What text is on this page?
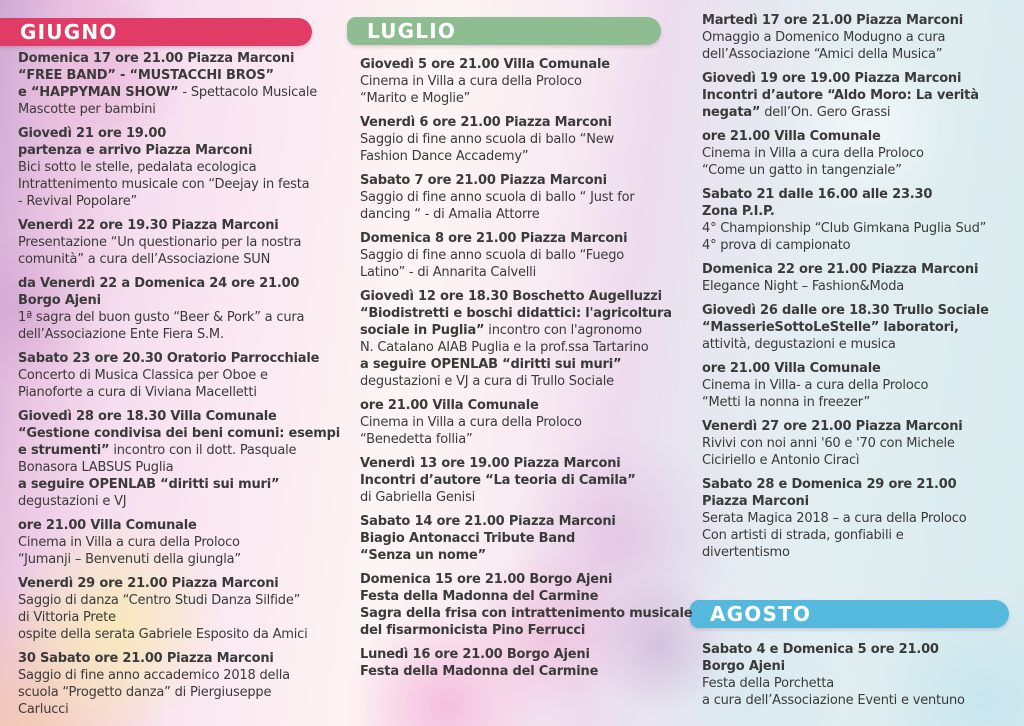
GIUGNO	LUGLIO
AGOSTO
Domenica 17 ore 21.00 Piazza Marconi
“FREE BAND” - “MUSTACCHI BROS”
e “HAPPYMAN SHOW” - Spettacolo Musicale
Mascotte per bambini
Giovedì 21 ore 19.00
partenza e arrivo Piazza Marconi
Bici sotto le stelle, pedalata ecologica
Intrattenimento musicale con “Deejay in festa
- Revival Popolare”
Venerdì 22 ore 19.30 Piazza Marconi
Presentazione “Un questionario per la nostra
comunità” a cura dell’Associazione SUN
da Venerdì 22 a Domenica 24 ore 21.00
Borgo Ajeni
1ª sagra del buon gusto “Beer & Pork” a cura
dell’Associazione Ente Fiera S.M.
Sabato 23 ore 20.30 Oratorio Parrocchiale
Concerto di Musica Classica per Oboe e
Pianoforte a cura di Viviana Macelletti
Giovedì 28 ore 18.30 Villa Comunale
“Gestione condivisa dei beni comuni: esempi
e strumenti” incontro con il dott. Pasquale
Bonasora LABSUS Puglia
a seguire OPENLAB “diritti sui muri”
degustazioni e VJ
ore 21.00 Villa Comunale
Cinema in Villa a cura della Proloco
“Jumanji – Benvenuti della giungla”
Venerdì 29 ore 21.00 Piazza Marconi
Saggio di danza “Centro Studi Danza Silfide”
di Vittoria Prete
ospite della serata Gabriele Esposito da Amici
30 Sabato ore 21.00 Piazza Marconi
Saggio di fine anno accademico 2018 della
scuola “Progetto danza” di Piergiuseppe
Carlucci
Giovedì 5 ore 21.00 Villa Comunale
Cinema in Villa a cura della Proloco
“Marito e Moglie”
Venerdì 6 ore 21.00 Piazza Marconi
Saggio di fine anno scuola di ballo “New
Fashion Dance Accademy”
Sabato 7 ore 21.00 Piazza Marconi
Saggio di fine anno scuola di ballo “ Just for
dancing “ - di Amalia Attorre
Domenica 8 ore 21.00 Piazza Marconi
Saggio di fine anno scuola di ballo “Fuego
Latino” - di Annarita Calvelli
Giovedì 12 ore 18.30 Boschetto Augelluzzi
“Biodistretti e boschi didattici: l'agricoltura
sociale in Puglia” incontro con l'agronomo
N. Catalano AIAB Puglia e la prof.ssa Tartarino
a seguire OPENLAB “diritti sui muri”
degustazioni e VJ a cura di Trullo Sociale
ore 21.00 Villa Comunale
Cinema in Villa a cura della Proloco
“Benedetta follia”
Venerdì 13 ore 19.00 Piazza Marconi
Incontri d’autore “La teoria di Camila”
di Gabriella Genisi
Sabato 14 ore 21.00 Piazza Marconi
Biagio Antonacci Tribute Band
“Senza un nome”
Domenica 15 ore 21.00 Borgo Ajeni
Festa della Madonna del Carmine
Sagra della frisa con intrattenimento musicale
del fisarmonicista Pino Ferrucci
Lunedì 16 ore 21.00 Borgo Ajeni
Festa della Madonna del Carmine
Martedì 17 ore 21.00 Piazza Marconi
Omaggio a Domenico Modugno a cura
dell’Associazione “Amici della Musica”
Giovedì 19 ore 19.00 Piazza Marconi
Incontri d’autore “Aldo Moro: La verità
negata” dell’On. Gero Grassi
ore 21.00 Villa Comunale
Cinema in Villa a cura della Proloco
“Come un gatto in tangenziale”
Sabato 21 dalle 16.00 alle 23.30
Zona P.I.P.
4° Championship “Club Gimkana Puglia Sud”
4° prova di campionato
Domenica 22 ore 21.00 Piazza Marconi
Elegance Night – Fashion&Moda
Giovedì 26 dalle ore 18.30 Trullo Sociale
“MasserieSottoLeStelle” laboratori,
attività, degustazioni e musica
ore 21.00 Villa Comunale
Cinema in Villa- a cura della Proloco
“Metti la nonna in freezer”
Venerdì 27 ore 21.00 Piazza Marconi
Rivivi con noi anni '60 e '70 con Michele
Ciciriello e Antonio Ciracì
Sabato 28 e Domenica 29 ore 21.00
Piazza Marconi
Serata Magica 2018 – a cura della Proloco
Con artisti di strada, gonfiabili e
divertentismo
Sabato 4 e Domenica 5 ore 21.00
Borgo Ajeni
Festa della Porchetta
a cura dell’Associazione Eventi e ventuno
